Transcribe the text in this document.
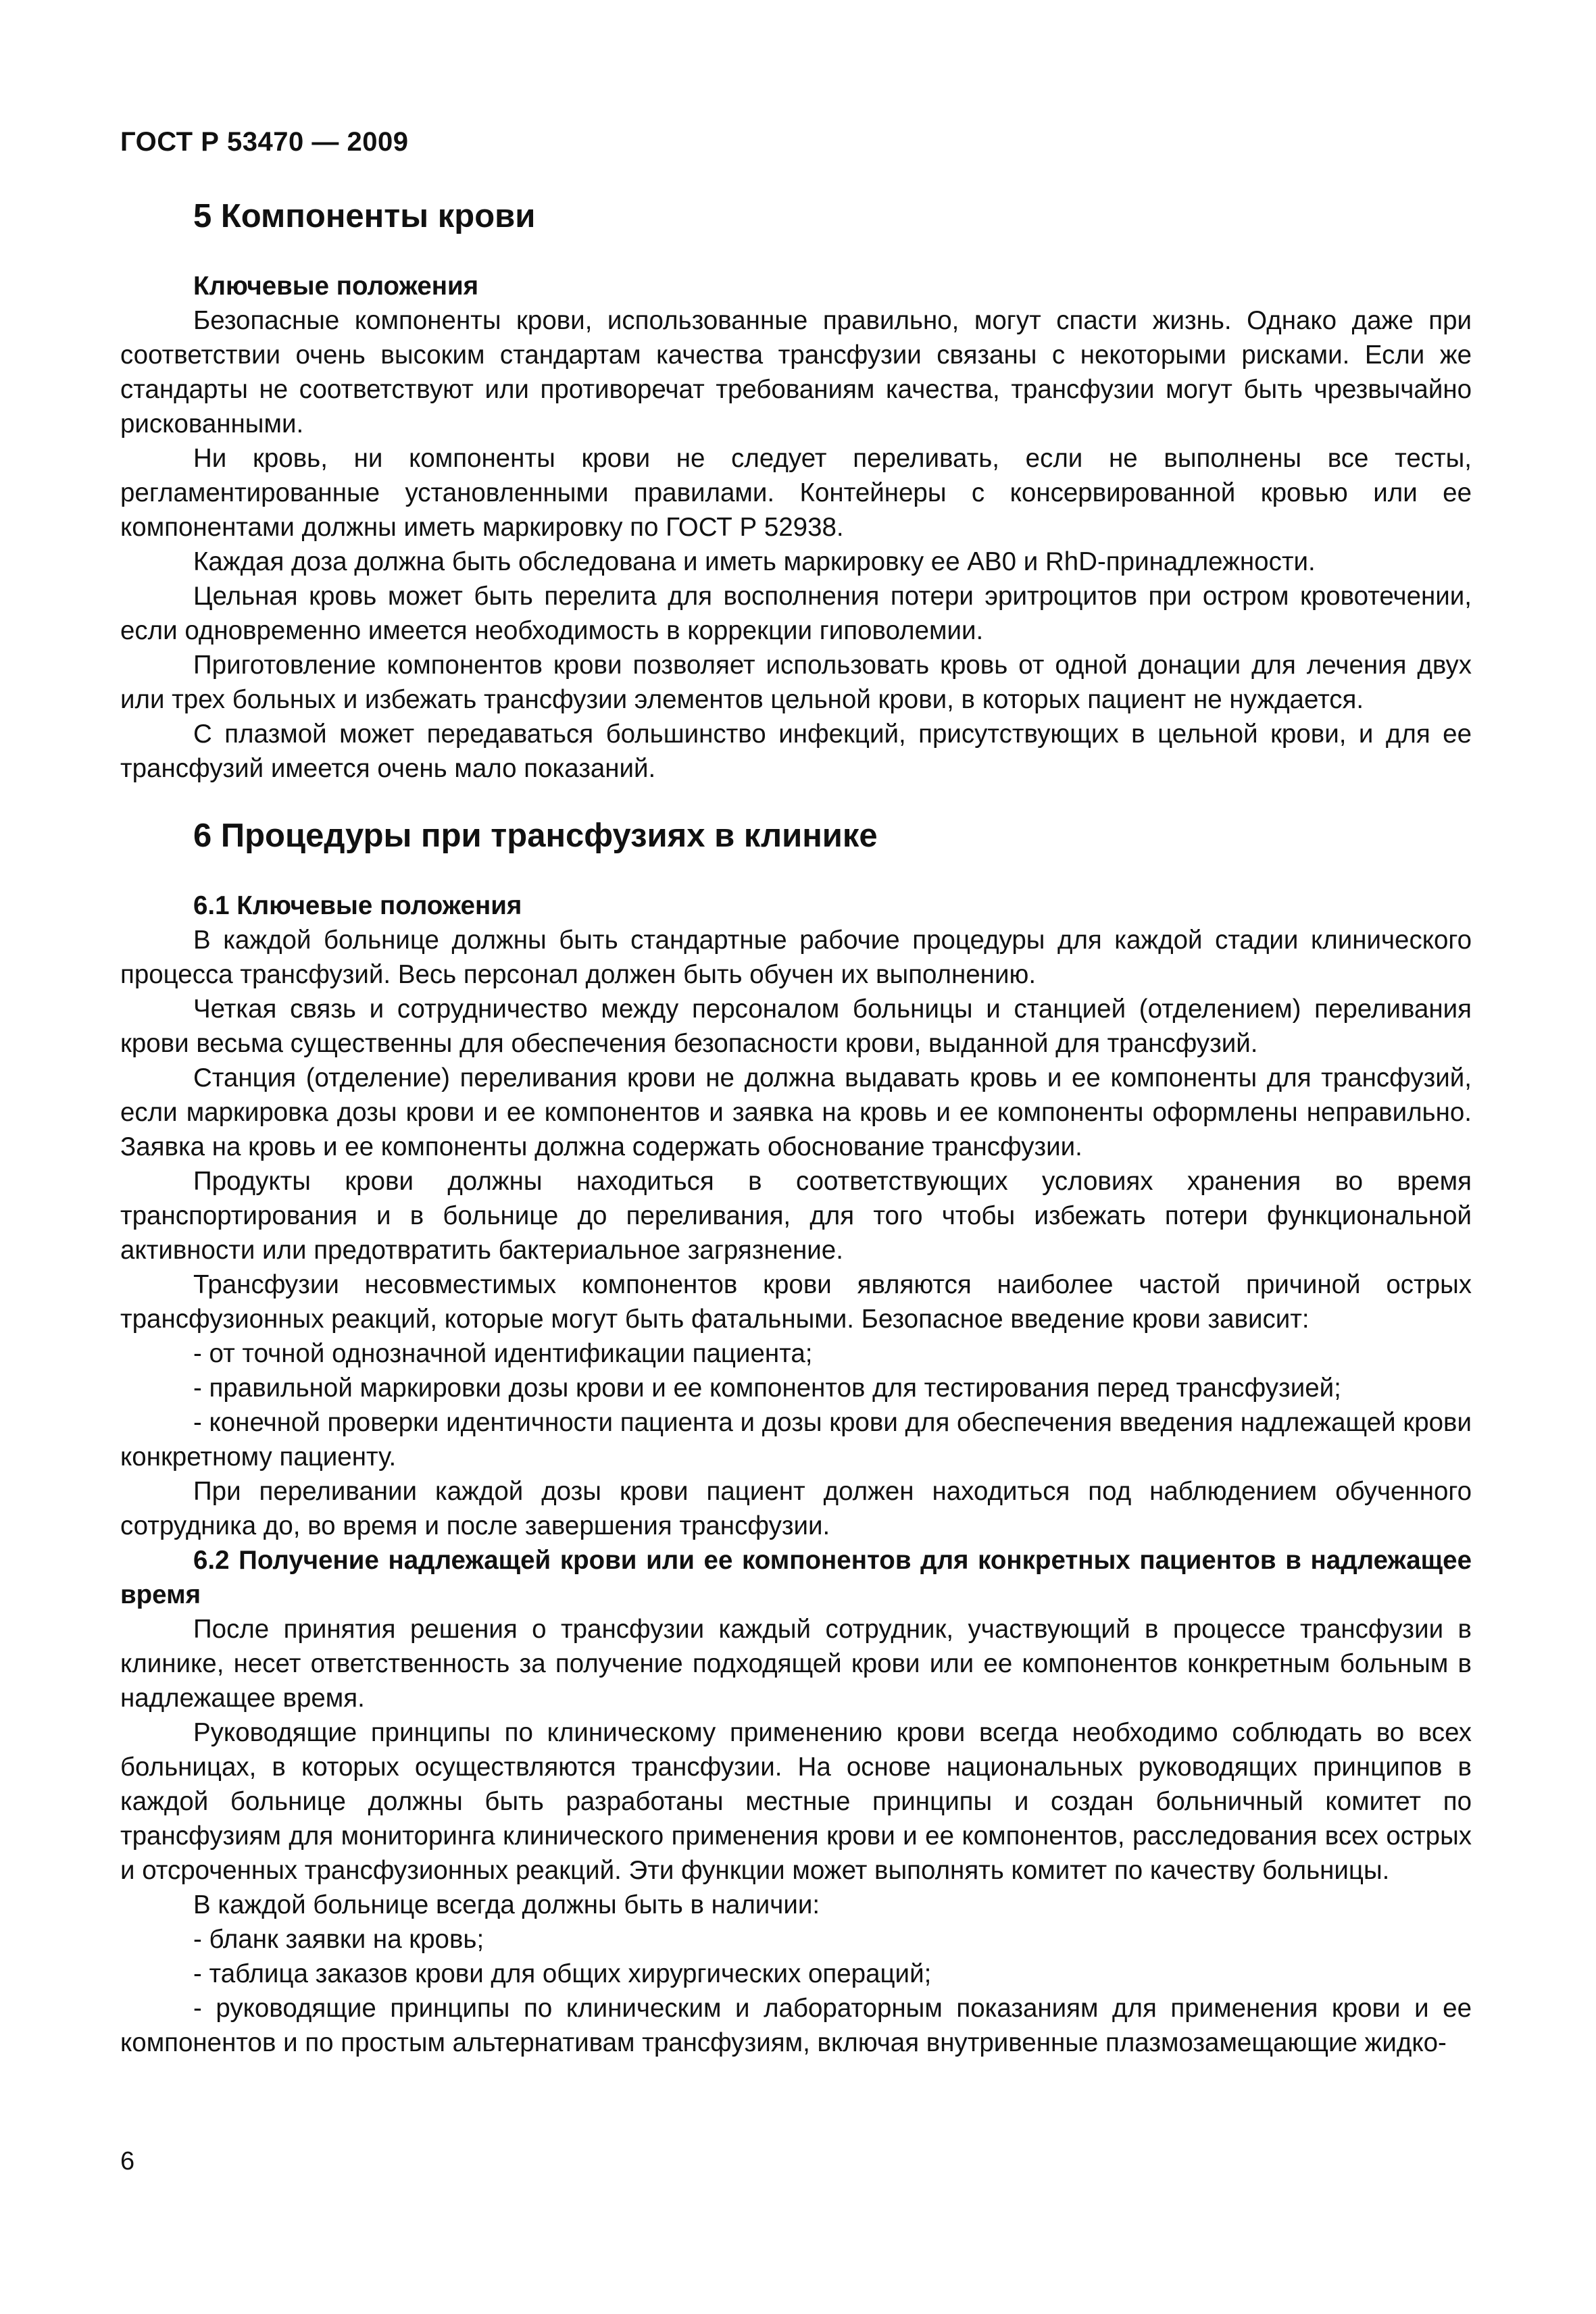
ГОСТ Р 53470 — 2009
5 Компоненты крови
Ключевые положения

Безопасные компоненты крови, использованные правильно, могут спасти жизнь. Однако даже при соответствии очень высоким стандартам качества трансфузии связаны с некоторыми рисками. Если же стандарты не соответствуют или противоречат требованиям качества, трансфузии могут быть чрезвычайно рискованными.

Ни кровь, ни компоненты крови не следует переливать, если не выполнены все тесты, регламентированные установленными правилами. Контейнеры с консервированной кровью или ее компонентами должны иметь маркировку по ГОСТ Р 52938.

Каждая доза должна быть обследована и иметь маркировку ее АВ0 и RhD-принадлежности.

Цельная кровь может быть перелита для восполнения потери эритроцитов при остром кровотечении, если одновременно имеется необходимость в коррекции гиповолемии.

Приготовление компонентов крови позволяет использовать кровь от одной донации для лечения двух или трех больных и избежать трансфузии элементов цельной крови, в которых пациент не нуждается.

С плазмой может передаваться большинство инфекций, присутствующих в цельной крови, и для ее трансфузий имеется очень мало показаний.

6 Процедуры при трансфузиях в клинике
6.1 Ключевые положения

В каждой больнице должны быть стандартные рабочие процедуры для каждой стадии клинического процесса трансфузий. Весь персонал должен быть обучен их выполнению.

Четкая связь и сотрудничество между персоналом больницы и станцией (отделением) переливания крови весьма существенны для обеспечения безопасности крови, выданной для трансфузий.

Станция (отделение) переливания крови не должна выдавать кровь и ее компоненты для трансфузий, если маркировка дозы крови и ее компонентов и заявка на кровь и ее компоненты оформлены неправильно. Заявка на кровь и ее компоненты должна содержать обоснование трансфузии.

Продукты крови должны находиться в соответствующих условиях хранения во время транспортирования и в больнице до переливания, для того чтобы избежать потери функциональной активности или предотвратить бактериальное загрязнение.

Трансфузии несовместимых компонентов крови являются наиболее частой причиной острых трансфузионных реакций, которые могут быть фатальными. Безопасное введение крови зависит:

- от точной однозначной идентификации пациента;

- правильной маркировки дозы крови и ее компонентов для тестирования перед трансфузией;

- конечной проверки идентичности пациента и дозы крови для обеспечения введения надлежащей крови конкретному пациенту.

При переливании каждой дозы крови пациент должен находиться под наблюдением обученного сотрудника до, во время и после завершения трансфузии.

6.2 Получение надлежащей крови или ее компонентов для конкретных пациентов в надлежащее время

После принятия решения о трансфузии каждый сотрудник, участвующий в процессе трансфузии в клинике, несет ответственность за получение подходящей крови или ее компонентов конкретным больным в надлежащее время.

Руководящие принципы по клиническому применению крови всегда необходимо соблюдать во всех больницах, в которых осуществляются трансфузии. На основе национальных руководящих принципов в каждой больнице должны быть разработаны местные принципы и создан больничный комитет по трансфузиям для мониторинга клинического применения крови и ее компонентов, расследования всех острых и отсроченных трансфузионных реакций. Эти функции может выполнять комитет по качеству больницы.

В каждой больнице всегда должны быть в наличии:

- бланк заявки на кровь;

- таблица заказов крови для общих хирургических операций;

- руководящие принципы по клиническим и лабораторным показаниям для применения крови и ее компонентов и по простым альтернативам трансфузиям, включая внутривенные плазмозамещающие жидко-

6
